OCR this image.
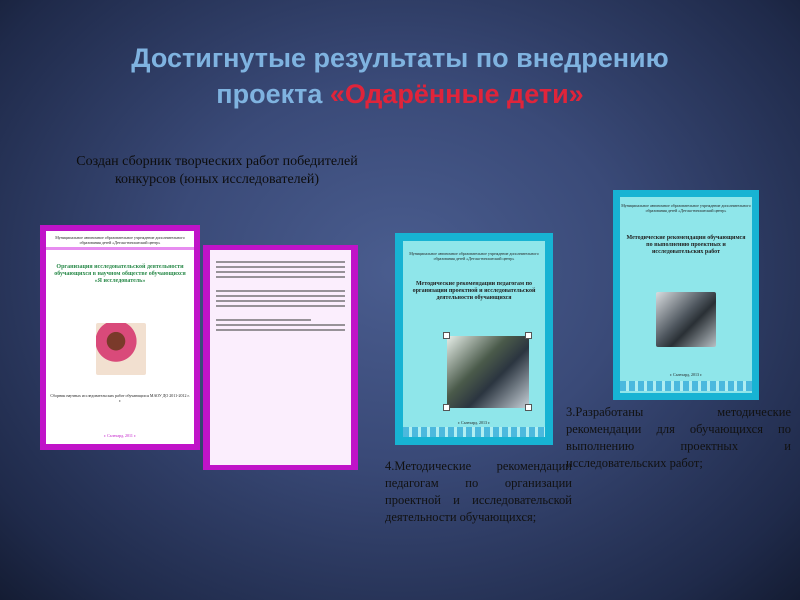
Достигнутые результаты по внедрению
проекта «Одарённые дети»
Создан сборник творческих работ победителей конкурсов (юных исследователей)
Муниципальное автономное образовательное учреждение дополнительного образования детей «Детско-юношеский центр»
Организация исследовательской деятельности обучающихся в научном обществе обучающихся «Я исследователь»
Сборник научных исследовательских работ обучающихся МАОУ ДО 2011-2012 г. г.
г. Салехард, 2011 г.
Муниципальное автономное образовательное учреждение дополнительного образования детей «Детско-юношеский центр»
Методические рекомендации педагогам по организации проектной и исследовательской деятельности обучающихся
г. Салехард, 2013 г.
4.Методические рекомендации педагогам по организации проектной и исследовательской деятельности обучающихся;
Муниципальное автономное образовательное учреждение дополнительного образования детей «Детско-юношеский центр»
Методические рекомендации обучающимся по выполнению проектных и исследовательских работ
г. Салехард, 2013 г.
3.Разработаны методические рекомендации для обучающихся по выполнению проектных и исследовательских работ;
